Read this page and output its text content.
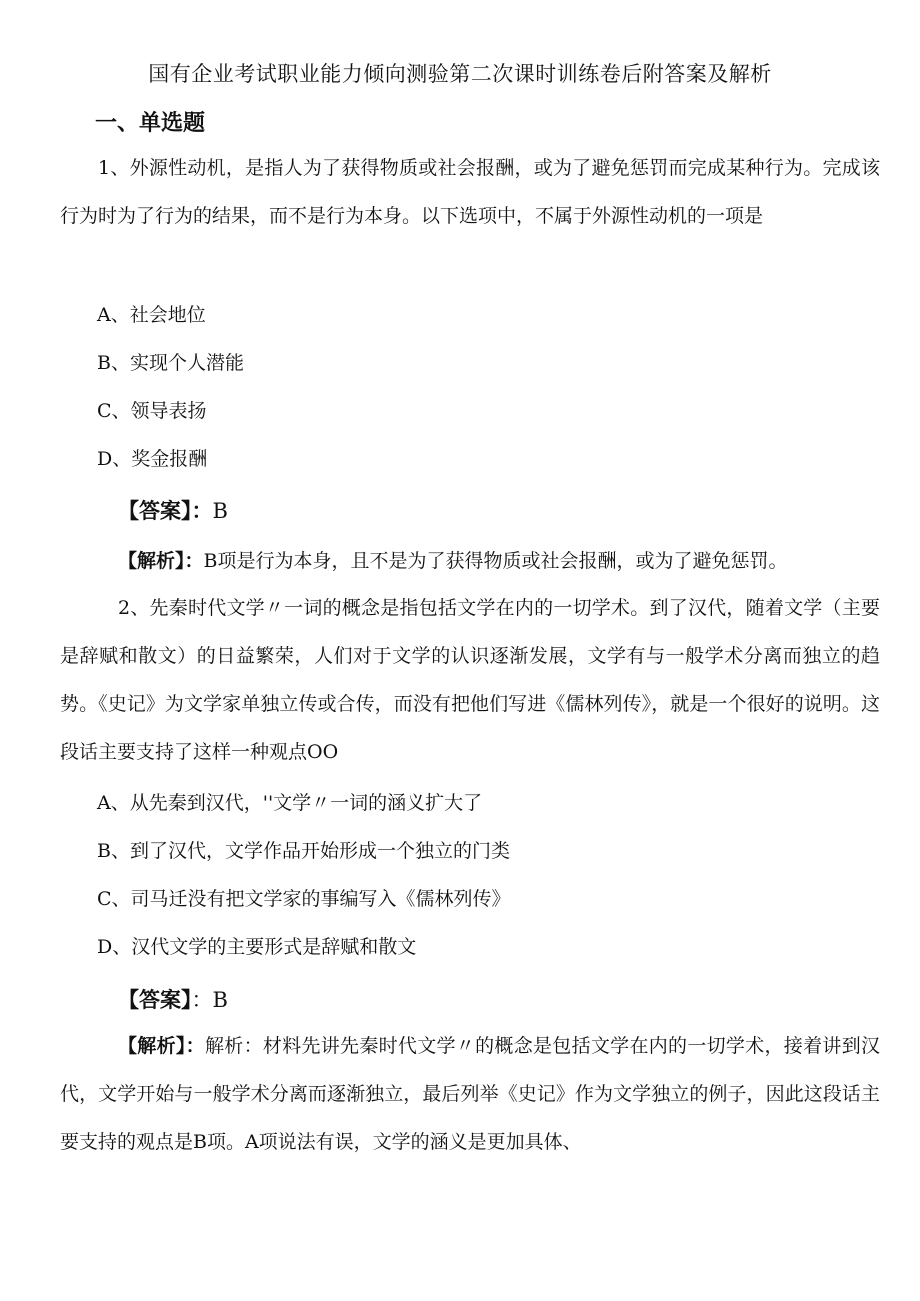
国有企业考试职业能力倾向测验第二次课时训练卷后附答案及解析
一、单选题
1、外源性动机，是指人为了获得物质或社会报酬，或为了避免惩罚而完成某种行为。完成该行为时为了行为的结果，而不是行为本身。以下选项中，不属于外源性动机的一项是
A、社会地位
B、实现个人潜能
C、领导表扬
D、奖金报酬
【答案】：B
【解析】：B项是行为本身，且不是为了获得物质或社会报酬，或为了避免惩罚。
2、先秦时代文学〃一词的概念是指包括文学在内的一切学术。到了汉代，随着文学（主要是辞赋和散文）的日益繁荣，人们对于文学的认识逐渐发展，文学有与一般学术分离而独立的趋势。《史记》为文学家单独立传或合传，而没有把他们写进《儒林列传》，就是一个很好的说明。这段话主要支持了这样一种观点OO
A、从先秦到汉代，''文学〃一词的涵义扩大了
B、到了汉代，文学作品开始形成一个独立的门类
C、司马迁没有把文学家的事编写入《儒林列传》
D、汉代文学的主要形式是辞赋和散文
【答案】：B
【解析】：解析：材料先讲先秦时代文学〃的概念是包括文学在内的一切学术，接着讲到汉代，文学开始与一般学术分离而逐渐独立，最后列举《史记》作为文学独立的例子，因此这段话主要支持的观点是B项。A项说法有误，文学的涵义是更加具体、
